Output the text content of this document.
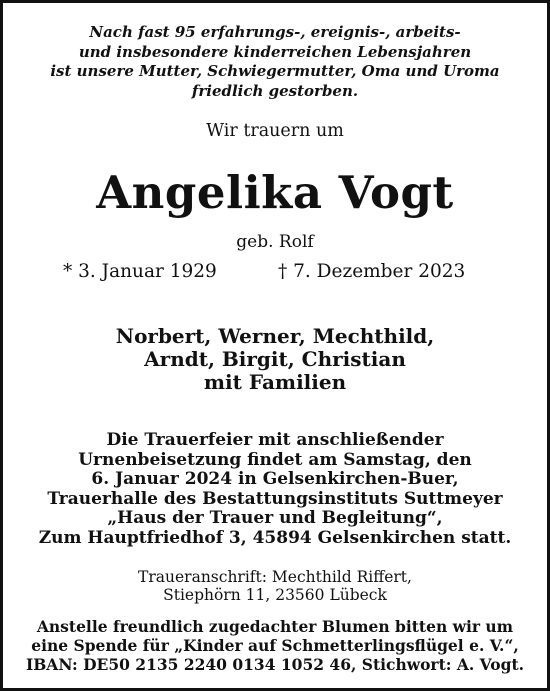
Nach fast 95 erfahrungs-, ereignis-, arbeits-
und insbesondere kinderreichen Lebensjahren
ist unsere Mutter, Schwiegermutter, Oma und Uroma
friedlich gestorben.
Wir trauern um
Angelika Vogt
geb. Rolf
* 3. Januar 1929	† 7. Dezember 2023
Norbert, Werner, Mechthild,
Arndt, Birgit, Christian
mit Familien
Die Trauerfeier mit anschließender
Urnenbeisetzung findet am Samstag, den
6. Januar 2024 in Gelsenkirchen-Buer,
Trauerhalle des Bestattungsinstituts Suttmeyer
„Haus der Trauer und Begleitung“,
Zum Hauptfriedhof 3, 45894 Gelsenkirchen statt.
Traueranschrift: Mechthild Riffert,
Stiephörn 11, 23560 Lübeck
Anstelle freundlich zugedachter Blumen bitten wir um
eine Spende für „Kinder auf Schmetterlingsflügel e. V.“,
IBAN: DE50 2135 2240 0134 1052 46, Stichwort: A. Vogt.
